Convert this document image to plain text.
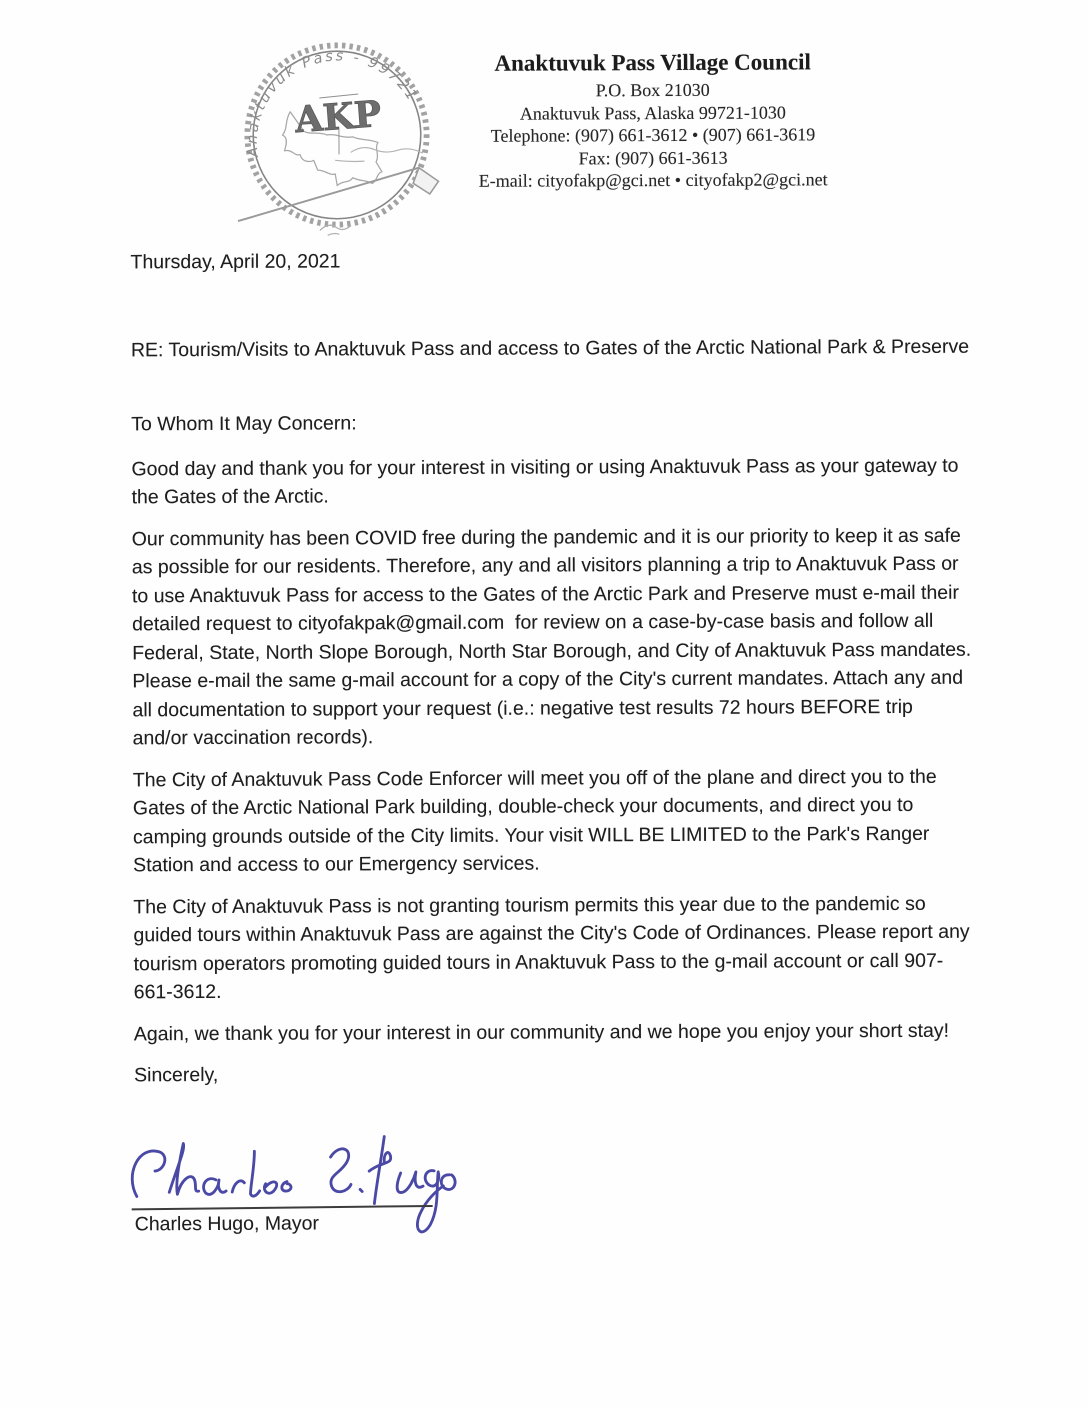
Anaktuvuk Pass - 99721
AKP
Anaktuvuk Pass Village Council
P.O. Box 21030
Anaktuvuk Pass, Alaska 99721-1030
Telephone: (907) 661-3612 • (907) 661-3619
Fax: (907) 661-3613
E-mail: cityofakp@gci.net • cityofakp2@gci.net

Thursday, April 20, 2021

RE: Tourism/Visits to Anaktuvuk Pass and access to Gates of the Arctic National Park & Preserve

To Whom It May Concern:

Good day and thank you for your interest in visiting or using Anaktuvuk Pass as your gateway to the Gates of the Arctic.

Our community has been COVID free during the pandemic and it is our priority to keep it as safe as possible for our residents. Therefore, any and all visitors planning a trip to Anaktuvuk Pass or to use Anaktuvuk Pass for access to the Gates of the Arctic Park and Preserve must e-mail their detailed request to cityofakpak@gmail.com  for review on a case-by-case basis and follow all Federal, State, North Slope Borough, North Star Borough, and City of Anaktuvuk Pass mandates. Please e-mail the same g-mail account for a copy of the City's current mandates. Attach any and all documentation to support your request (i.e.: negative test results 72 hours BEFORE trip and/or vaccination records).

The City of Anaktuvuk Pass Code Enforcer will meet you off of the plane and direct you to the Gates of the Arctic National Park building, double-check your documents, and direct you to camping grounds outside of the City limits. Your visit WILL BE LIMITED to the Park's Ranger Station and access to our Emergency services.

The City of Anaktuvuk Pass is not granting tourism permits this year due to the pandemic so guided tours within Anaktuvuk Pass are against the City's Code of Ordinances. Please report any tourism operators promoting guided tours in Anaktuvuk Pass to the g-mail account or call 907-661-3612.

Again, we thank you for your interest in our community and we hope you enjoy your short stay!

Sincerely,

Charles Hugo, Mayor
